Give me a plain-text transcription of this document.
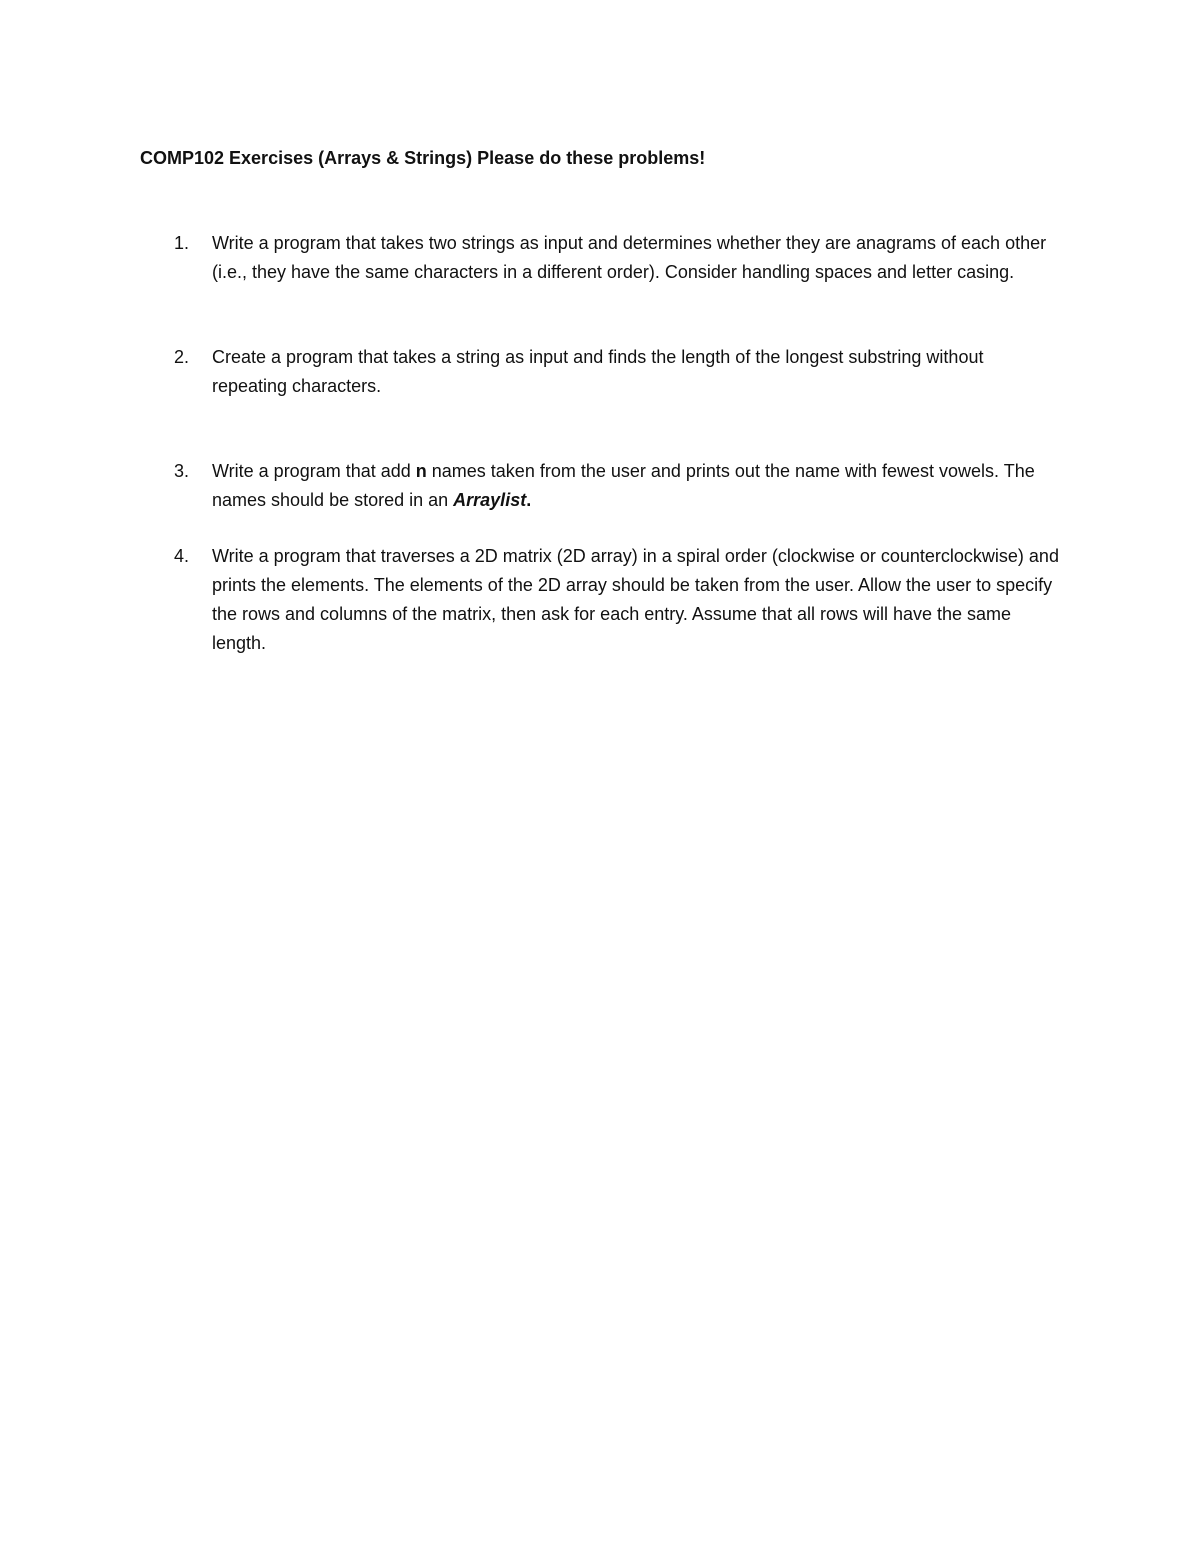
COMP102 Exercises (Arrays & Strings) Please do these problems!
1. Write a program that takes two strings as input and determines whether they are anagrams of each other (i.e., they have the same characters in a different order). Consider handling spaces and letter casing.

2. Create a program that takes a string as input and finds the length of the longest substring without repeating characters.

3. Write a program that add n names taken from the user and prints out the name with fewest vowels. The names should be stored in an Arraylist.

4. Write a program that traverses a 2D matrix (2D array) in a spiral order (clockwise or counterclockwise) and prints the elements. The elements of the 2D array should be taken from the user. Allow the user to specify the rows and columns of the matrix, then ask for each entry. Assume that all rows will have the same length.
